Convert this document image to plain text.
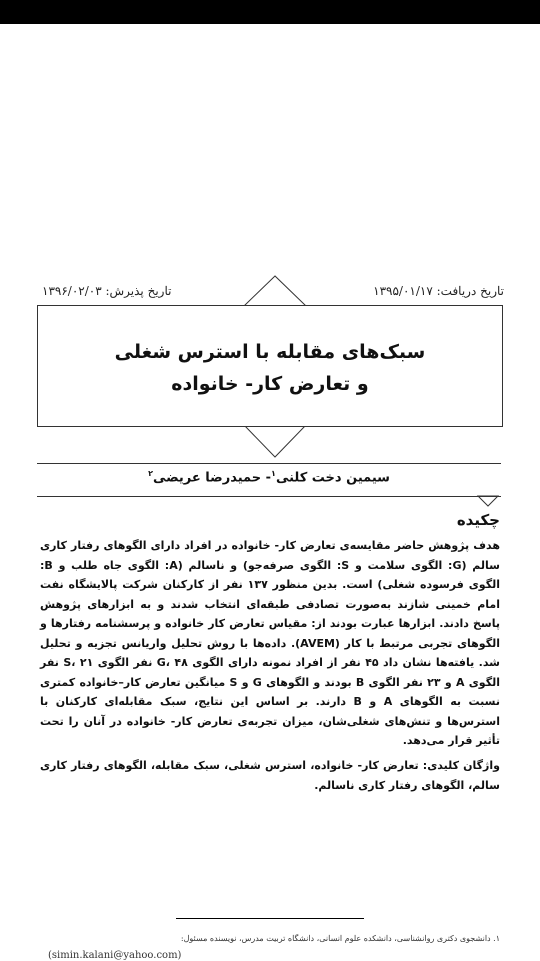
تاریخ دریافت: ۱۳۹۵/۰۱/۱۷
تاریخ پذیرش: ۱۳۹۶/۰۲/۰۳
سبک‌های مقابله با استرس شغلی
و تعارض کار- خانواده
سیمین دخت کلنی$^۱$- حمیدرضا عریضی$^۲$
چکیده
هدف پژوهش حاضر مقایسه‌ی تعارض کار- خانواده در افراد دارای الگوهای رفتار کاری سالم (G: الگوی سلامت و S: الگوی صرفه‌جو) و ناسالم (A: الگوی جاه طلب و B: الگوی فرسوده شغلی) است. بدین منظور ۱۳۷ نفر از کارکنان شرکت پالایشگاه نفت امام خمینی شازند به‌صورت تصادفی طبقه‌ای انتخاب شدند و به ابزارهای پژوهش پاسخ دادند. ابزارها عبارت بودند از: مقیاس تعارض کار خانواده و پرسشنامه رفتارها و الگوهای تجربی مرتبط با کار (AVEM). داده‌ها با روش تحلیل واریانس تجزیه و تحلیل شد. یافته‌ها نشان داد ۴۵ نفر از افراد نمونه دارای الگوی G، ۴۸ نفر الگوی S، ۲۱ نفر الگوی A و ۲۳ نفر الگوی B بودند و الگوهای G و S میانگین تعارض کار–خانواده کمتری نسبت به الگوهای A و B دارند. بر اساس این نتایج، سبک مقابله‌ای کارکنان با استرس‌ها و تنش‌های شغلی‌شان، میزان تجربه‌ی تعارض کار- خانواده در آنان را تحت تأثیر قرار می‌دهد.
واژگان کلیدی: تعارض کار- خانواده، استرس شغلی، سبک مقابله، الگوهای رفتار کاری سالم، الگوهای رفتار کاری ناسالم.
۱. دانشجوی دکتری روانشناسی، دانشکده علوم انسانی، دانشگاه تربیت مدرس، نویسنده مسئول:
(simin.kalani@yahoo.com)
